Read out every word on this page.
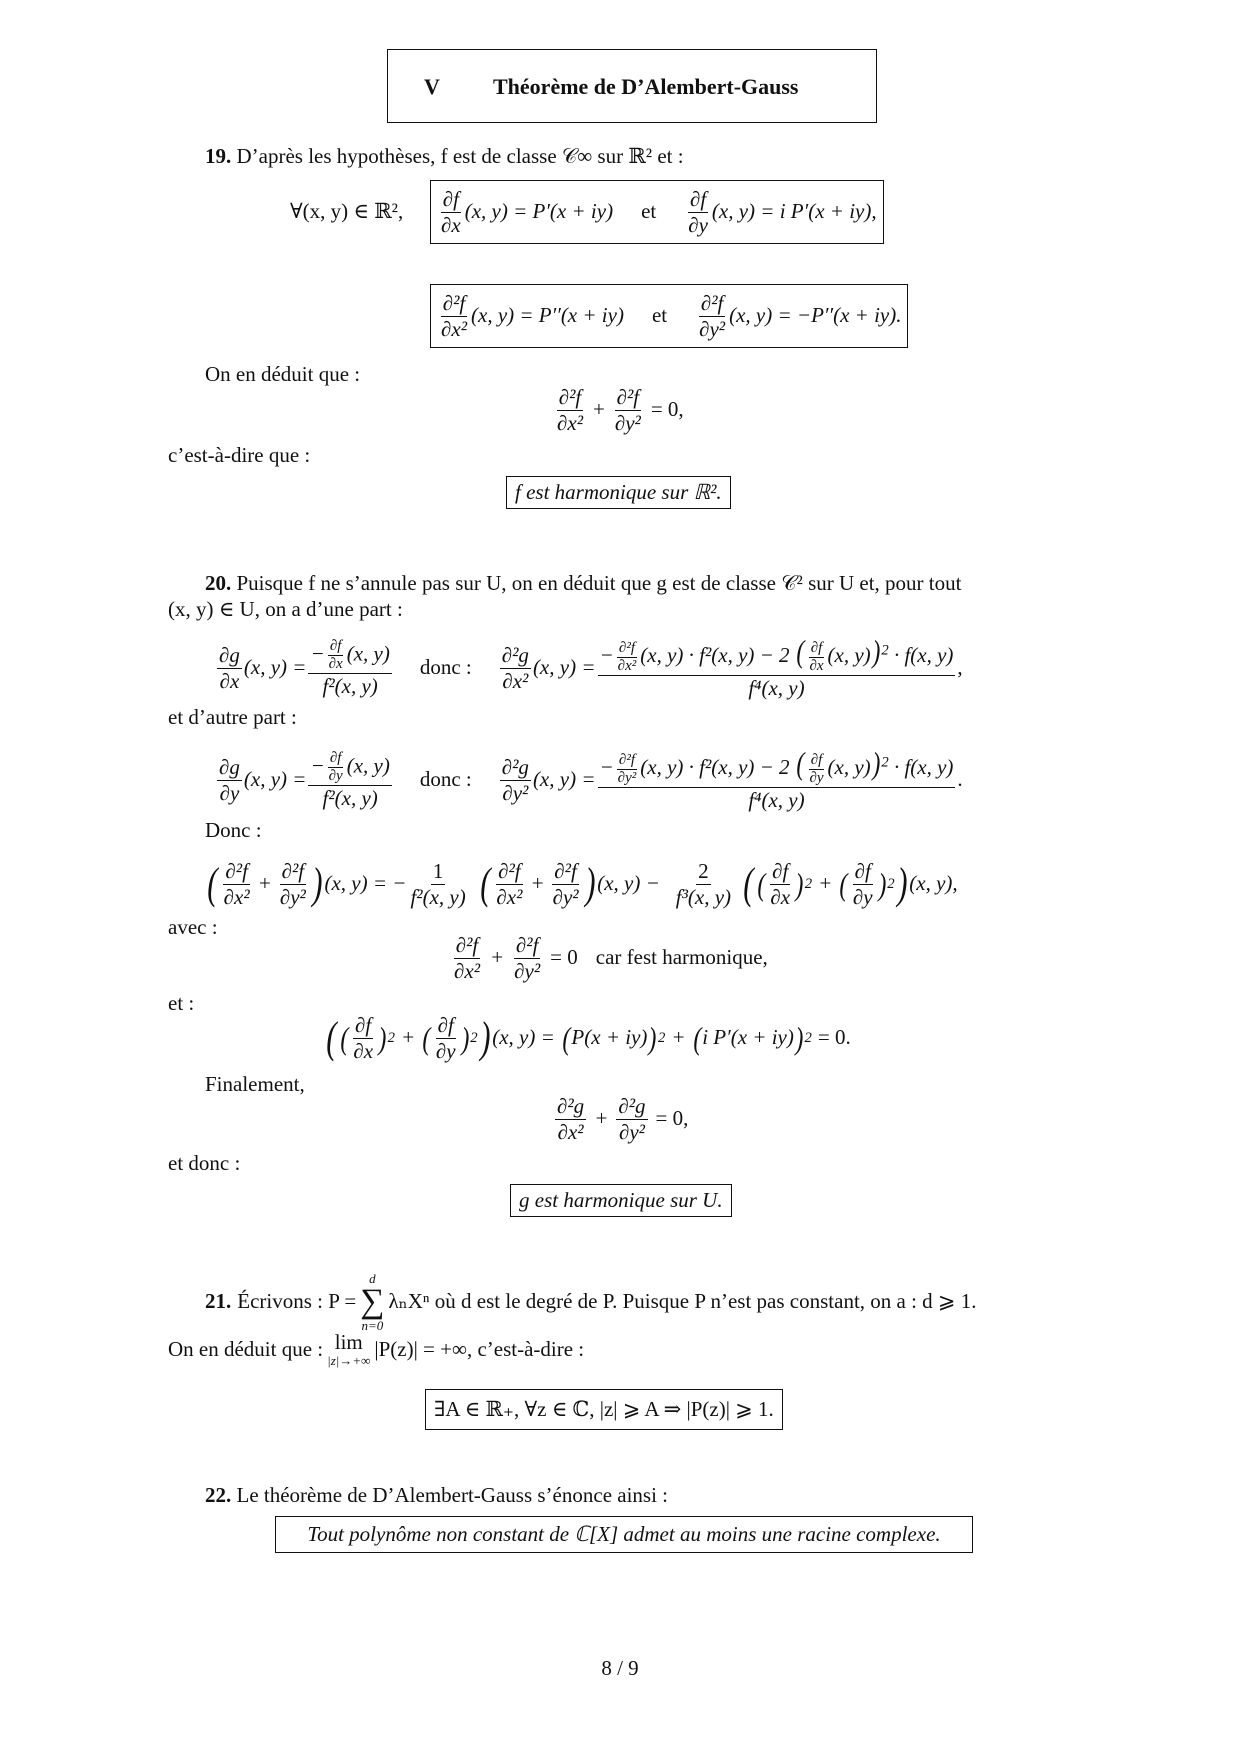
V Théorème de D’Alembert-Gauss
19. D’après les hypothèses, f est de classe 𝒞∞ sur ℝ² et :
∀(x, y) ∈ ℝ², $\frac{\partial f}{\partial x} (x$, y) = P′(x + iy) et $\frac{\partial f}{\partial y} (x$, y) = i P′(x + iy),
$\frac{\text{∂²f}}{\text{∂x²}} (x$, y) = P′′(x + iy) et $\frac{\text{∂²f}}{\text{∂y²}} (x$, y) = −P′′(x + iy).
On en déduit que :
$\frac{\text{∂²f}}{\text{∂x²}} + \frac{\text{∂²f}}{\text{∂y²}} = 0$,
c’est-à-dire que :
f est harmonique sur ℝ².
20. Puisque f ne s’annule pas sur U, on en déduit que g est de classe 𝒞² sur U et, pour tout
(x, y) ∈ U, on a d’une part :
$\frac{\partial g}{\partial x} (x$, $y) = \frac{- \frac{\partial f}{\partial x} (x, y)}{\text{f²(x, y)}}$ donc : $\frac{\text{∂²g}}{\text{∂x²}} (x$, $y) = \frac{- \frac{\text{∂²f}}{\text{∂x²}} (x, y) \cdot f^2(x, y) - 2 ( \frac{\partial f}{\partial x} (x, y))^2 \cdot f(x, y)}{\text{f⁴(x, y)}}$ ,
et d’autre part :
$\frac{\partial g}{\partial y} (x$, $y) = \frac{- \frac{\partial f}{\partial y} (x, y)}{\text{f²(x, y)}}$ donc : $\frac{\text{∂²g}}{\text{∂y²}} (x$, $y) = \frac{- \frac{\text{∂²f}}{\text{∂y²}} (x, y) \cdot f^2(x, y) - 2 ( \frac{\partial f}{\partial y} (x, y))^2 \cdot f(x, y)}{\text{f⁴(x, y)}}$ .
Donc :
( $\frac{\text{∂²f}}{\text{∂x²}} + \frac{\text{∂²f}}{\text{∂y²}}$ ) (x, y) = − $\frac{1}{\text{f²(x, y)}}$ ( $\frac{\text{∂²f}}{\text{∂x²}} + \frac{\text{∂²f}}{\text{∂y²}}$ ) (x, $y) - \frac{2}{\text{f³(x, y)}}$ ( ( $\frac{\partial f}{\partial x}$ ) 2 + ( $\frac{\partial f}{\partial y}$ ) 2 ) (x, y),
avec :
$\frac{\text{∂²f}}{\text{∂x²}} + \frac{\text{∂²f}}{\text{∂y²}} = 0$ car fest harmonique,
et :
( ( $\frac{\partial f}{\partial x}$ ) 2 + ( $\frac{\partial f}{\partial y}$ ) 2 ) (x, y) = ( P(x + iy) ) 2 + ( i P′(x + iy) ) 2 = 0.
Finalement,
$\frac{\text{∂²g}}{\text{∂x²}} + \frac{\text{∂²g}}{\text{∂y²}} = 0$,
et donc :
g est harmonique sur U.
21. Écrivons : P =
d
∑
n=0
λₙXⁿ où d est le degré de P. Puisque P n’est pas constant, on a : d ⩾ 1.
On en déduit que : lim
|z|→+∞ |P(z)| = +∞, c’est-à-dire :
∃A ∈ ℝ₊, ∀z ∈ ℂ, |z| ⩾ A ⇒ |P(z)| ⩾ 1.
22. Le théorème de D’Alembert-Gauss s’énonce ainsi :
Tout polynôme non constant de ℂ[X] admet au moins une racine complexe.
8 / 9
